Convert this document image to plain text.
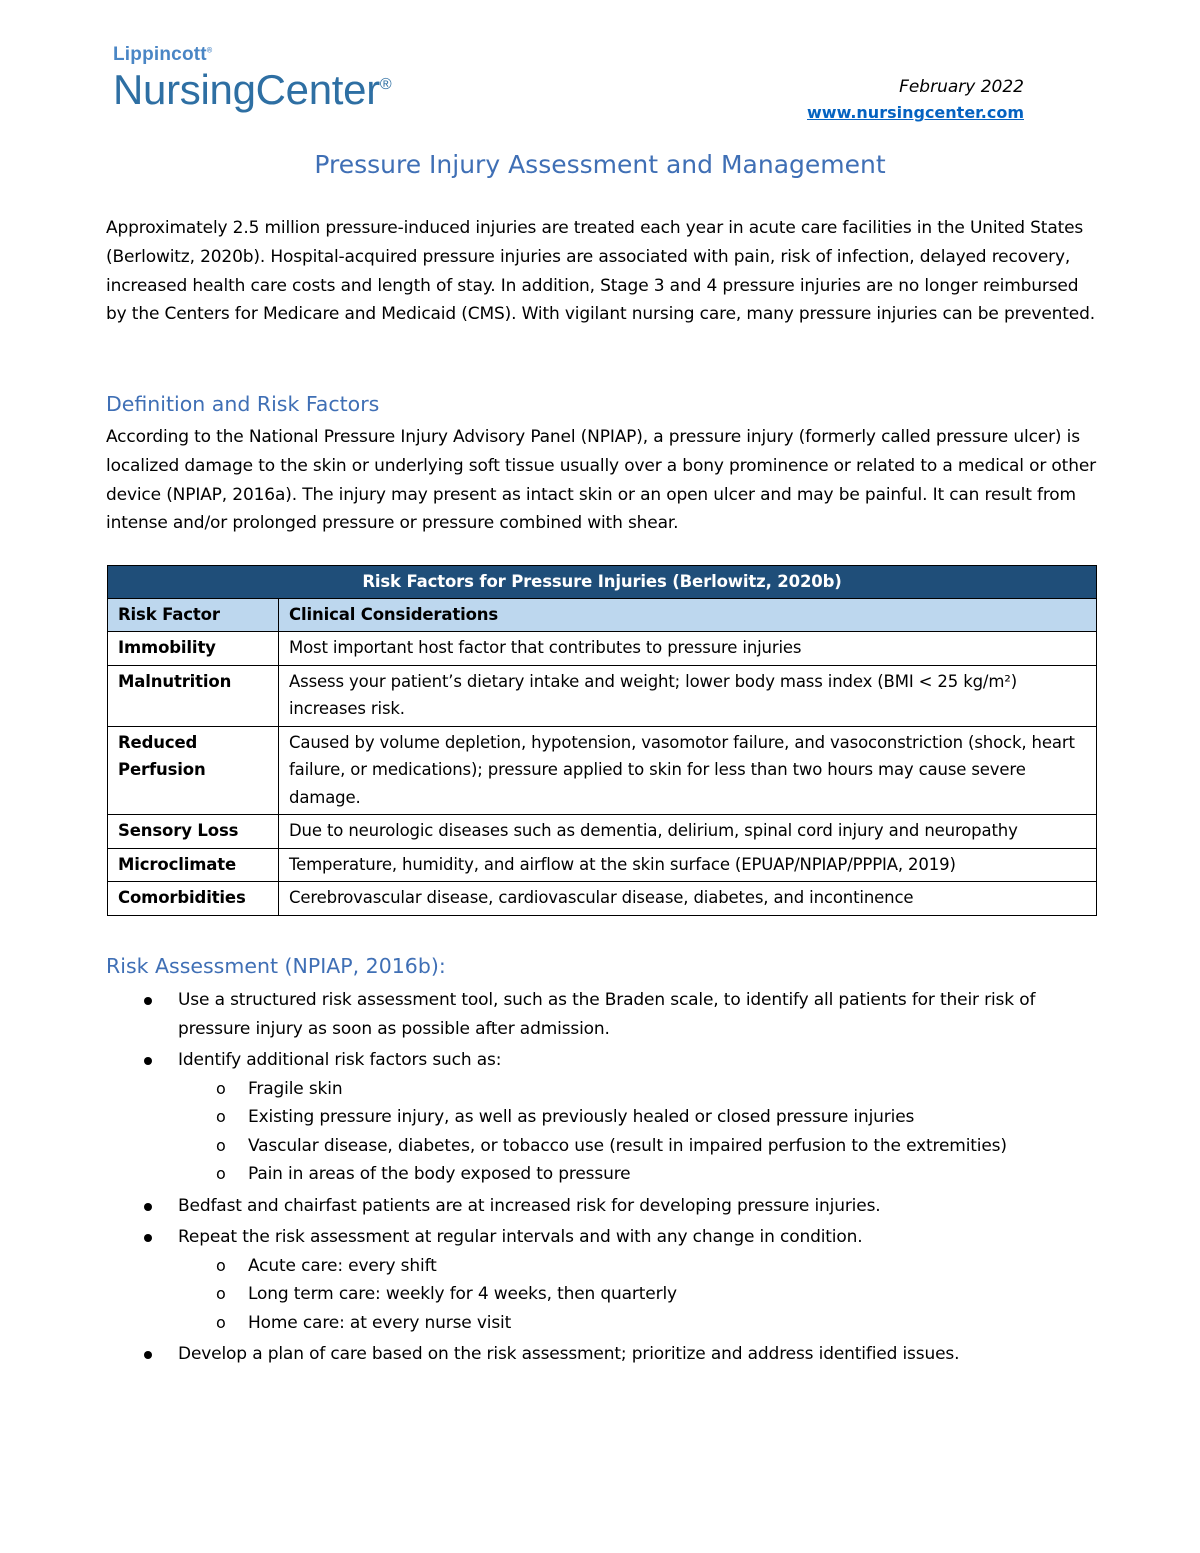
Lippincott®
NursingCenter®	February 2022
www.nursingcenter.com
Pressure Injury Assessment and Management

Approximately 2.5 million pressure-induced injuries are treated each year in acute care facilities in the United States (Berlowitz, 2020b). Hospital-acquired pressure injuries are associated with pain, risk of infection, delayed recovery, increased health care costs and length of stay. In addition, Stage 3 and 4 pressure injuries are no longer reimbursed by the Centers for Medicare and Medicaid (CMS). With vigilant nursing care, many pressure injuries can be prevented.

Definition and Risk Factors

According to the National Pressure Injury Advisory Panel (NPIAP), a pressure injury (formerly called pressure ulcer) is localized damage to the skin or underlying soft tissue usually over a bony prominence or related to a medical or other device (NPIAP, 2016a). The injury may present as intact skin or an open ulcer and may be painful. It can result from intense and/or prolonged pressure or pressure combined with shear.

Risk Factors for Pressure Injuries (Berlowitz, 2020b)	
Risk Factor	Clinical Considerations
Immobility	Most important host factor that contributes to pressure injuries
Malnutrition	Assess your patient’s dietary intake and weight; lower body mass index (BMI < 25 kg/m²) increases risk.
Reduced Perfusion	Caused by volume depletion, hypotension, vasomotor failure, and vasoconstriction (shock, heart failure, or medications); pressure applied to skin for less than two hours may cause severe damage.
Sensory Loss	Due to neurologic diseases such as dementia, delirium, spinal cord injury and neuropathy
Microclimate	Temperature, humidity, and airflow at the skin surface (EPUAP/NPIAP/PPPIA, 2019)
Comorbidities	Cerebrovascular disease, cardiovascular disease, diabetes, and incontinence
Risk Assessment (NPIAP, 2016b):
Use a structured risk assessment tool, such as the Braden scale, to identify all patients for their risk of pressure injury as soon as possible after admission.
Identify additional risk factors such as:
o Fragile skin
o Existing pressure injury, as well as previously healed or closed pressure injuries
o Vascular disease, diabetes, or tobacco use (result in impaired perfusion to the extremities)
o Pain in areas of the body exposed to pressure
Bedfast and chairfast patients are at increased risk for developing pressure injuries.
Repeat the risk assessment at regular intervals and with any change in condition.
o Acute care: every shift
o Long term care: weekly for 4 weeks, then quarterly
o Home care: at every nurse visit
Develop a plan of care based on the risk assessment; prioritize and address identified issues.
